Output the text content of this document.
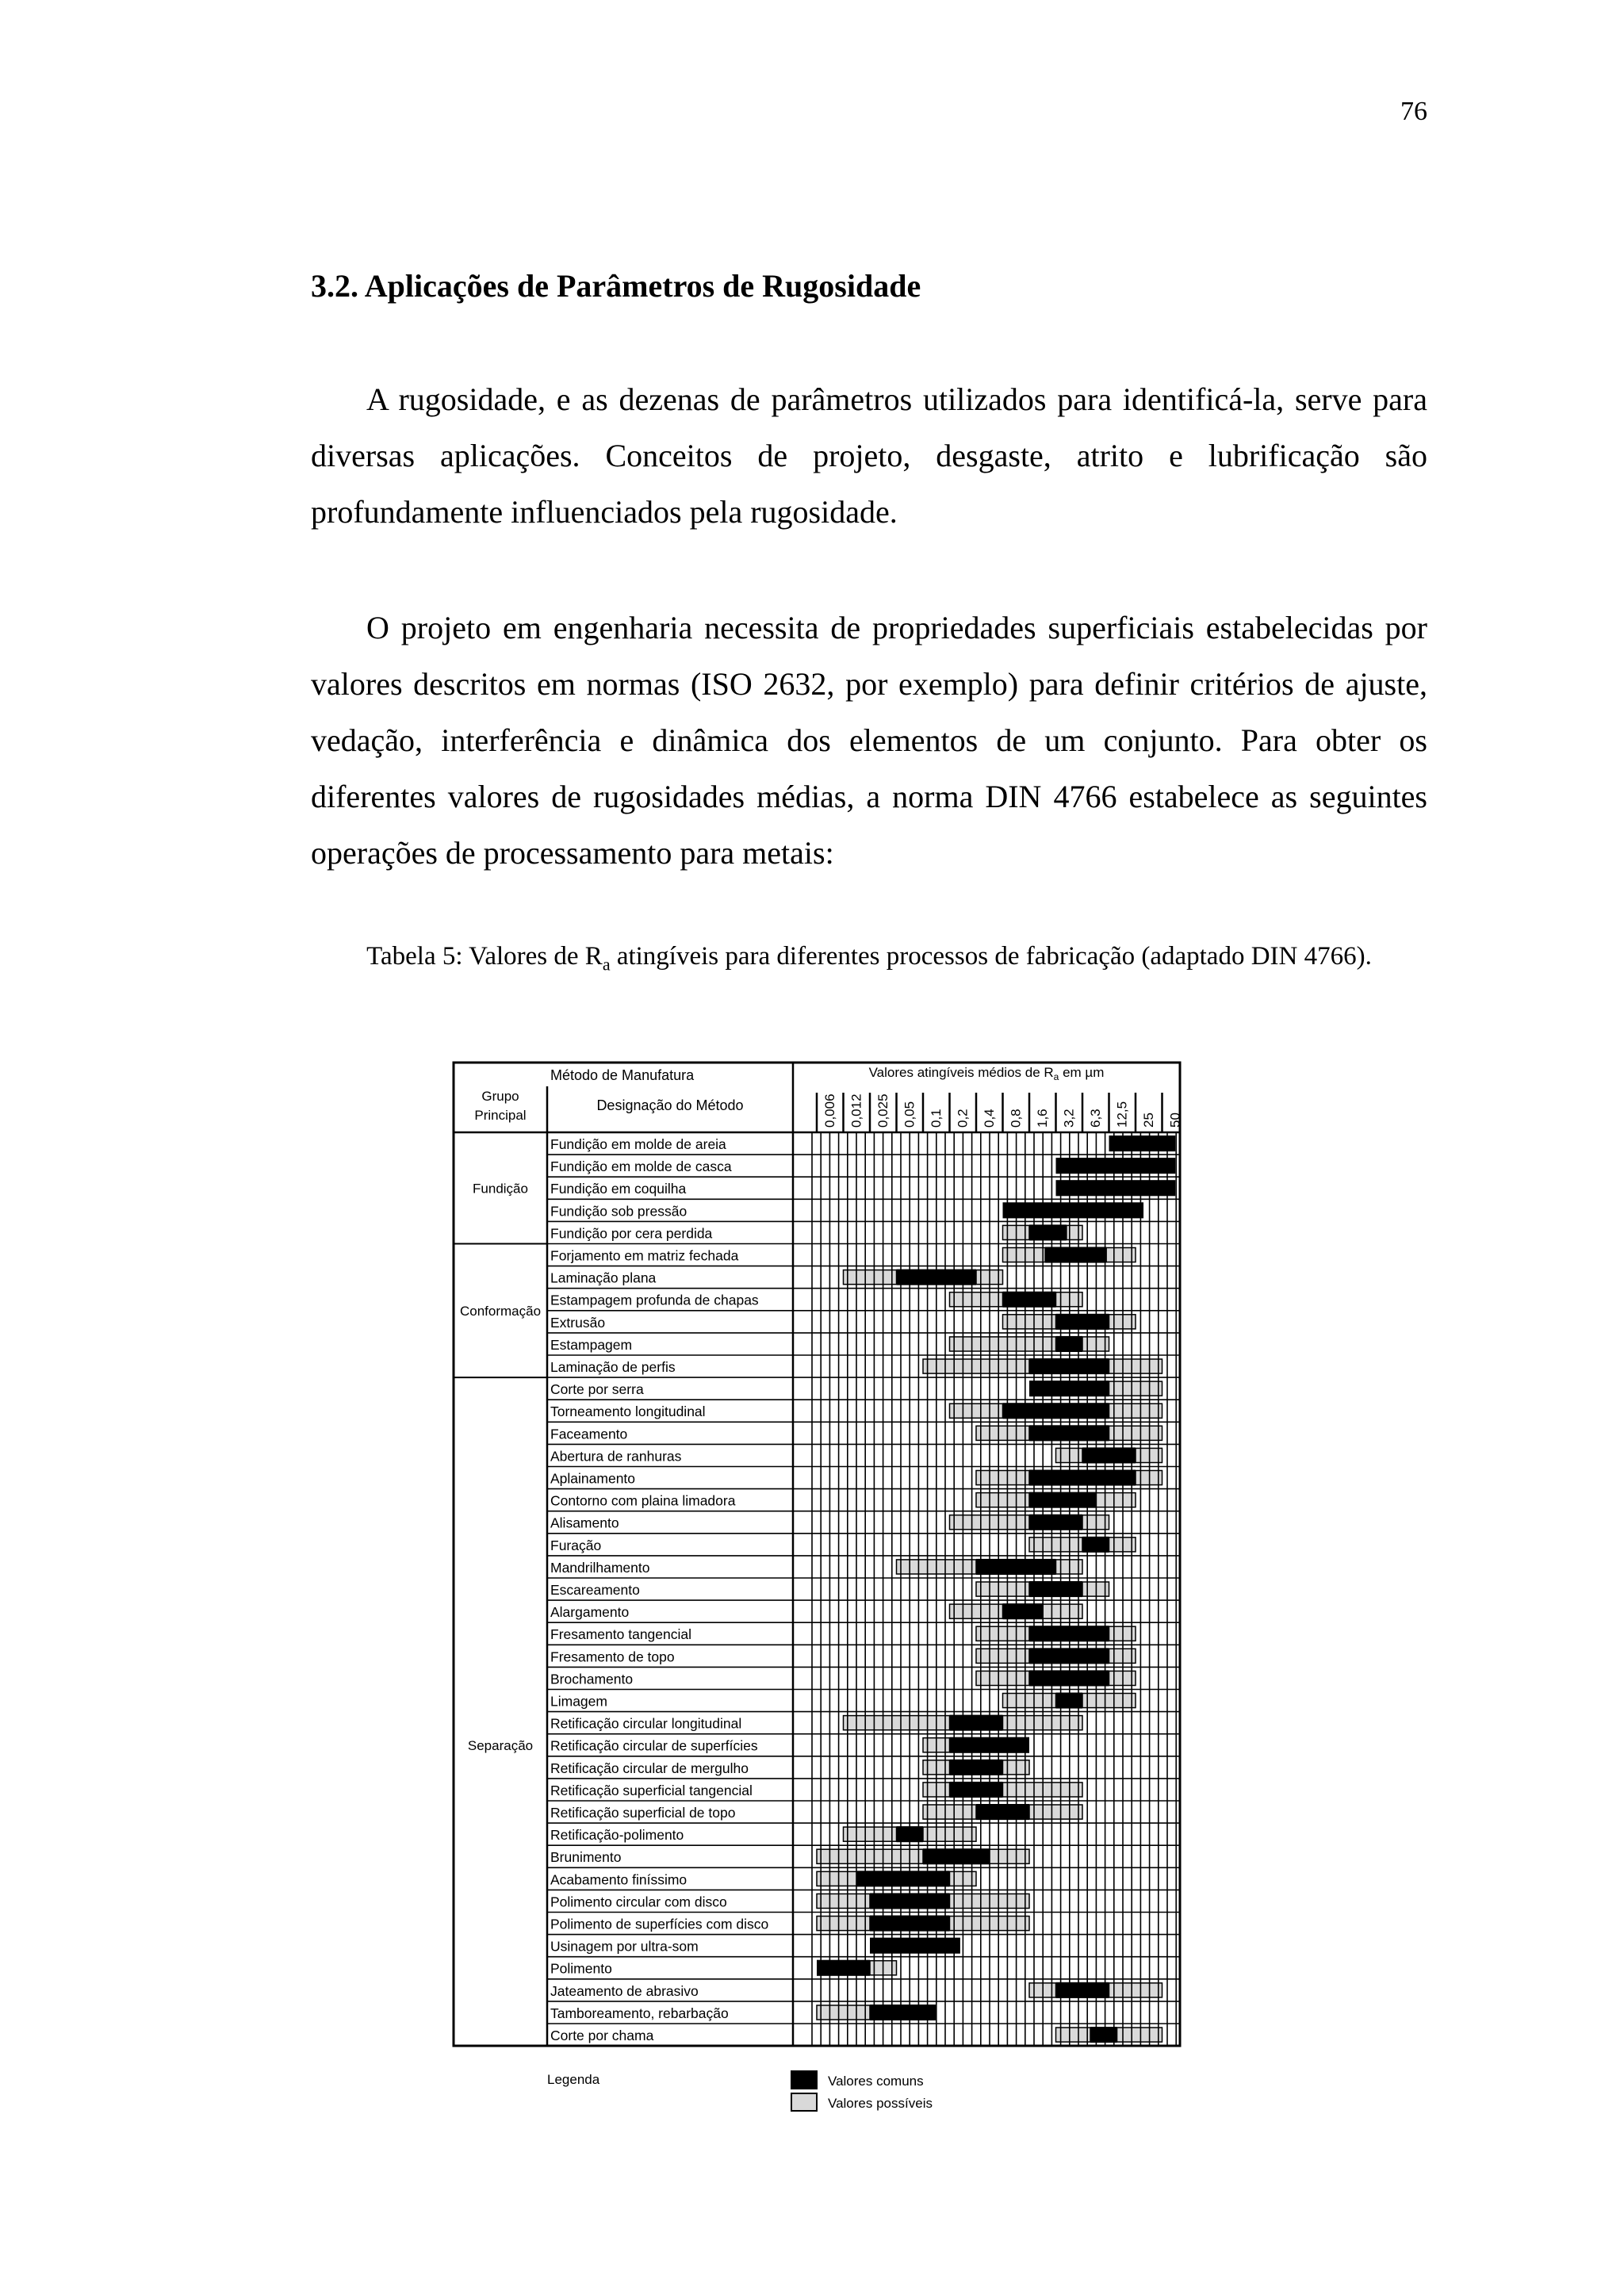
76
3.2. Aplicações de Parâmetros de Rugosidade

A rugosidade, e as dezenas de parâmetros utilizados para identificá-la, serve para diversas aplicações. Conceitos de projeto, desgaste, atrito e lubrificação são profundamente influenciados pela rugosidade.

O projeto em engenharia necessita de propriedades superficiais estabelecidas por valores descritos em normas (ISO 2632, por exemplo) para definir critérios de ajuste, vedação, interferência e dinâmica dos elementos de um conjunto. Para obter os diferentes valores de rugosidades médias, a norma DIN 4766 estabelece as seguintes operações de processamento para metais:

Tabela 5: Valores de $R_a$ atingíveis para diferentes processos de fabricação (adaptado DIN 4766).
Fundição
Conformação
Separação
Método de Manufatura
Grupo
Principal
Designação do Método
Valores atingíveis médios de $R_a$ em µm
0,006 0,012 0,025 0,05 0,1 0,2 0,4 0,8 1,6 3,2 6,3 12,5 25 50
Fundição em molde de areia
Fundição em molde de casca
Fundição em coquilha
Fundição sob pressão
Fundição por cera perdida
Forjamento em matriz fechada
Laminação plana
Estampagem profunda de chapas
Extrusão
Estampagem
Laminação de perfis
Corte por serra
Torneamento longitudinal
Faceamento
Abertura de ranhuras
Aplainamento
Contorno com plaina limadora
Alisamento
Furação
Mandrilhamento
Escareamento
Alargamento
Fresamento tangencial
Fresamento de topo
Brochamento
Limagem
Retificação circular longitudinal
Retificação circular de superfícies
Retificação circular de mergulho
Retificação superficial tangencial
Retificação superficial de topo
Retificação-polimento
Brunimento
Acabamento finíssimo
Polimento circular com disco
Polimento de superfícies com disco
Usinagem por ultra-som
Polimento
Jateamento de abrasivo
Tamboreamento, rebarbação
Corte por chama
Legenda	Valores comuns
Valores possíveis
